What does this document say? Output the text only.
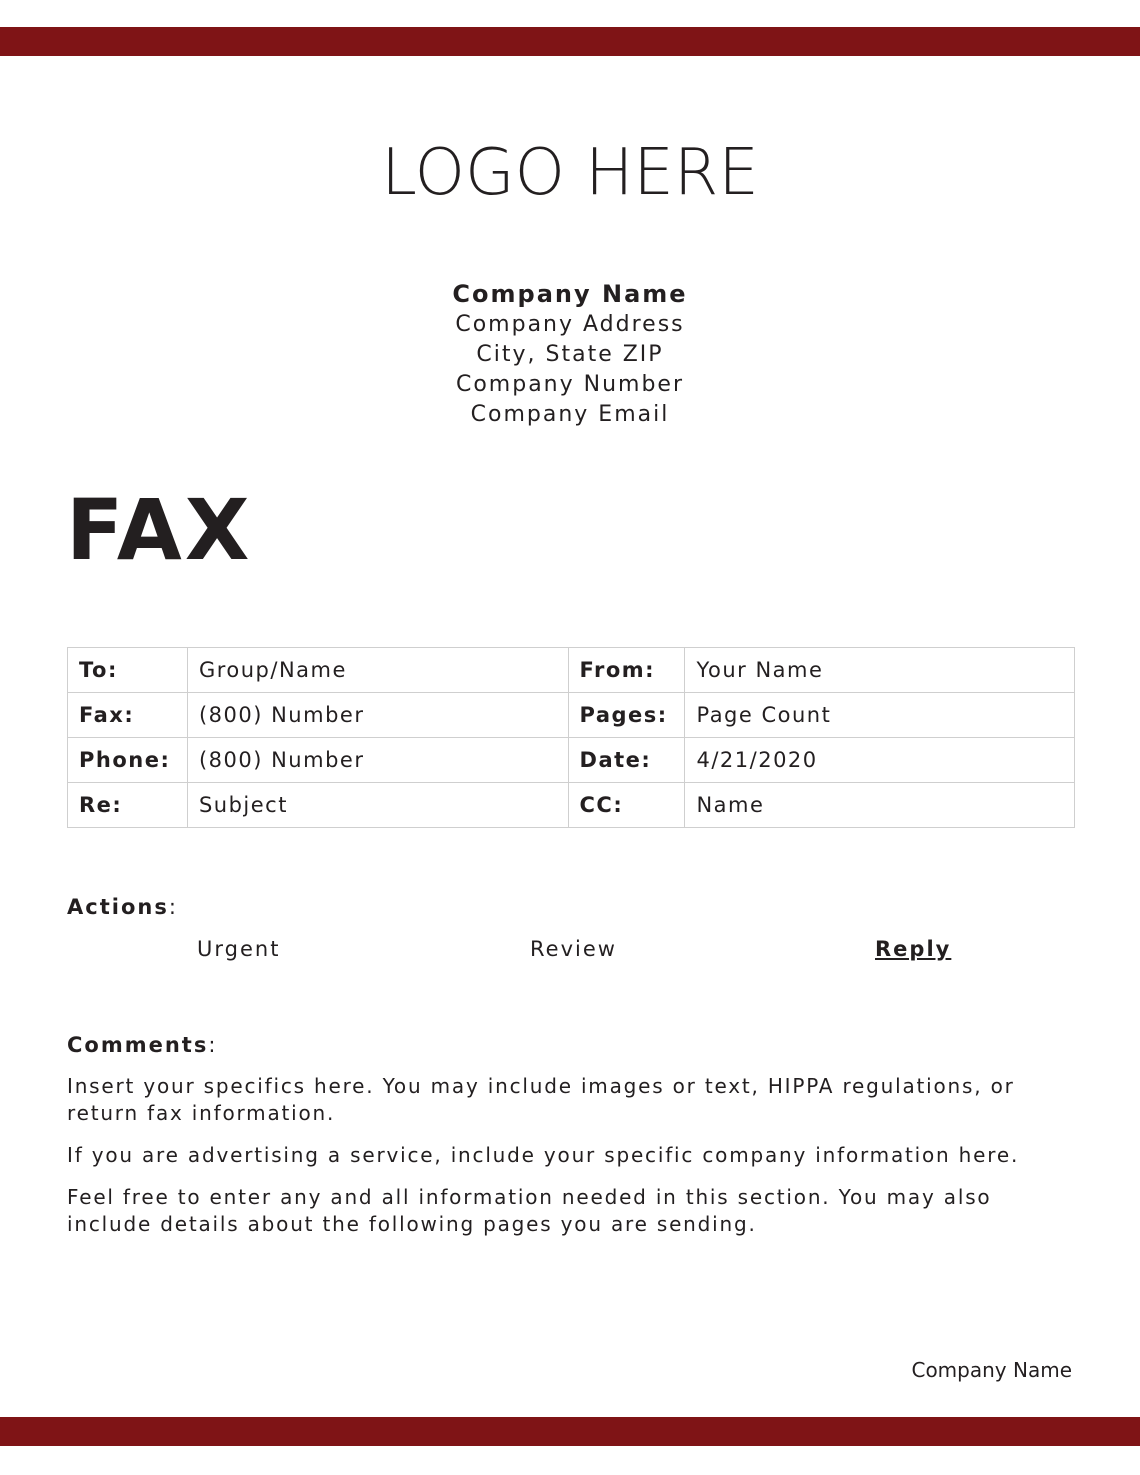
LOGO HERE
Company Name
Company Address
City, State ZIP
Company Number
Company Email
FAX
To:	Group/Name	From:	Your Name
Fax:	(800) Number	Pages:	Page Count
Phone:	(800) Number	Date:	4/21/2020
Re:	Subject	CC:	Name
Actions:
Urgent	Review	Reply
Comments:

Insert your specifics here. You may include images or text, HIPPA regulations, or return fax information.

If you are advertising a service, include your specific company information here.

Feel free to enter any and all information needed in this section. You may also include details about the following pages you are sending.

Company Name
